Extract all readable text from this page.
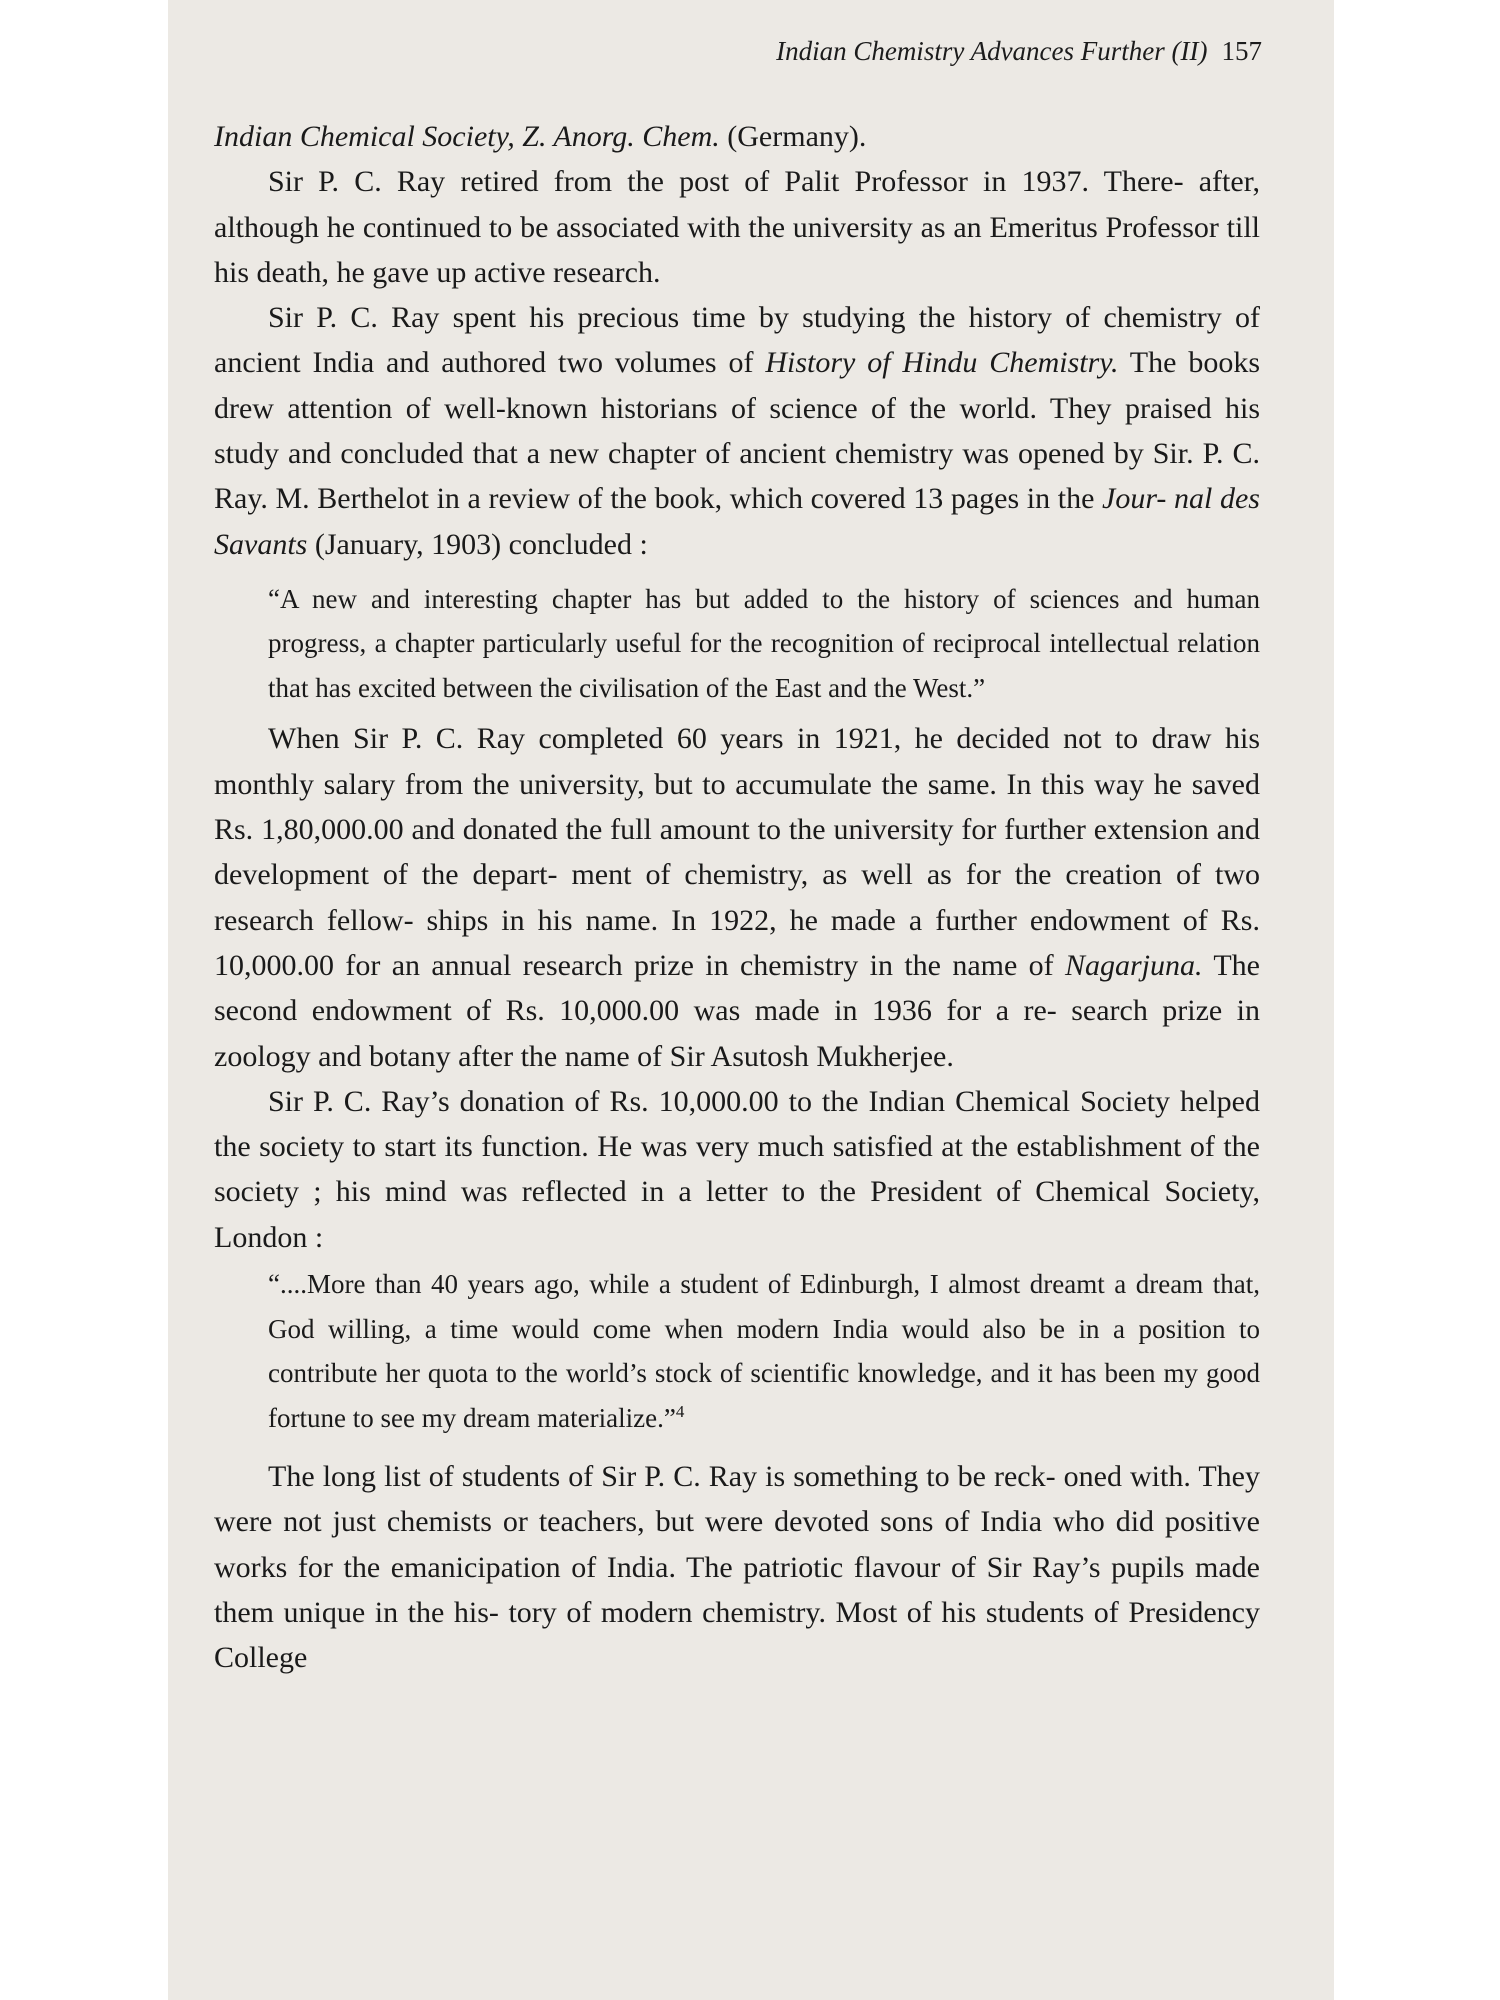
Indian Chemistry Advances Further (II) 157

Indian Chemical Society, Z. Anorg. Chem. (Germany).

Sir P. C. Ray retired from the post of Palit Professor in 1937. There- after, although he continued to be associated with the university as an Emeritus Professor till his death, he gave up active research.

Sir P. C. Ray spent his precious time by studying the history of chemistry of ancient India and authored two volumes of History of Hindu Chemistry. The books drew attention of well-known historians of science of the world. They praised his study and concluded that a new chapter of ancient chemistry was opened by Sir. P. C. Ray. M. Berthelot in a review of the book, which covered 13 pages in the Jour- nal des Savants (January, 1903) concluded :

“A new and interesting chapter has but added to the history of sciences and human progress, a chapter particularly useful for the recognition of reciprocal intellectual relation that has excited between the civilisation of the East and the West.”

When Sir P. C. Ray completed 60 years in 1921, he decided not to draw his monthly salary from the university, but to accumulate the same. In this way he saved Rs. 1,80,000.00 and donated the full amount to the university for further extension and development of the depart- ment of chemistry, as well as for the creation of two research fellow- ships in his name. In 1922, he made a further endowment of Rs. 10,000.00 for an annual research prize in chemistry in the name of Nagarjuna. The second endowment of Rs. 10,000.00 was made in 1936 for a re- search prize in zoology and botany after the name of Sir Asutosh Mukherjee.

Sir P. C. Ray’s donation of Rs. 10,000.00 to the Indian Chemical Society helped the society to start its function. He was very much satisfied at the establishment of the society ; his mind was reflected in a letter to the President of Chemical Society, London :

“....More than 40 years ago, while a student of Edinburgh, I almost dreamt a dream that, God willing, a time would come when modern India would also be in a position to contribute her quota to the world’s stock of scientific knowledge, and it has been my good fortune to see my dream materialize.”$^4$

The long list of students of Sir P. C. Ray is something to be reck- oned with. They were not just chemists or teachers, but were devoted sons of India who did positive works for the emanicipation of India. The patriotic flavour of Sir Ray’s pupils made them unique in the his- tory of modern chemistry. Most of his students of Presidency College
